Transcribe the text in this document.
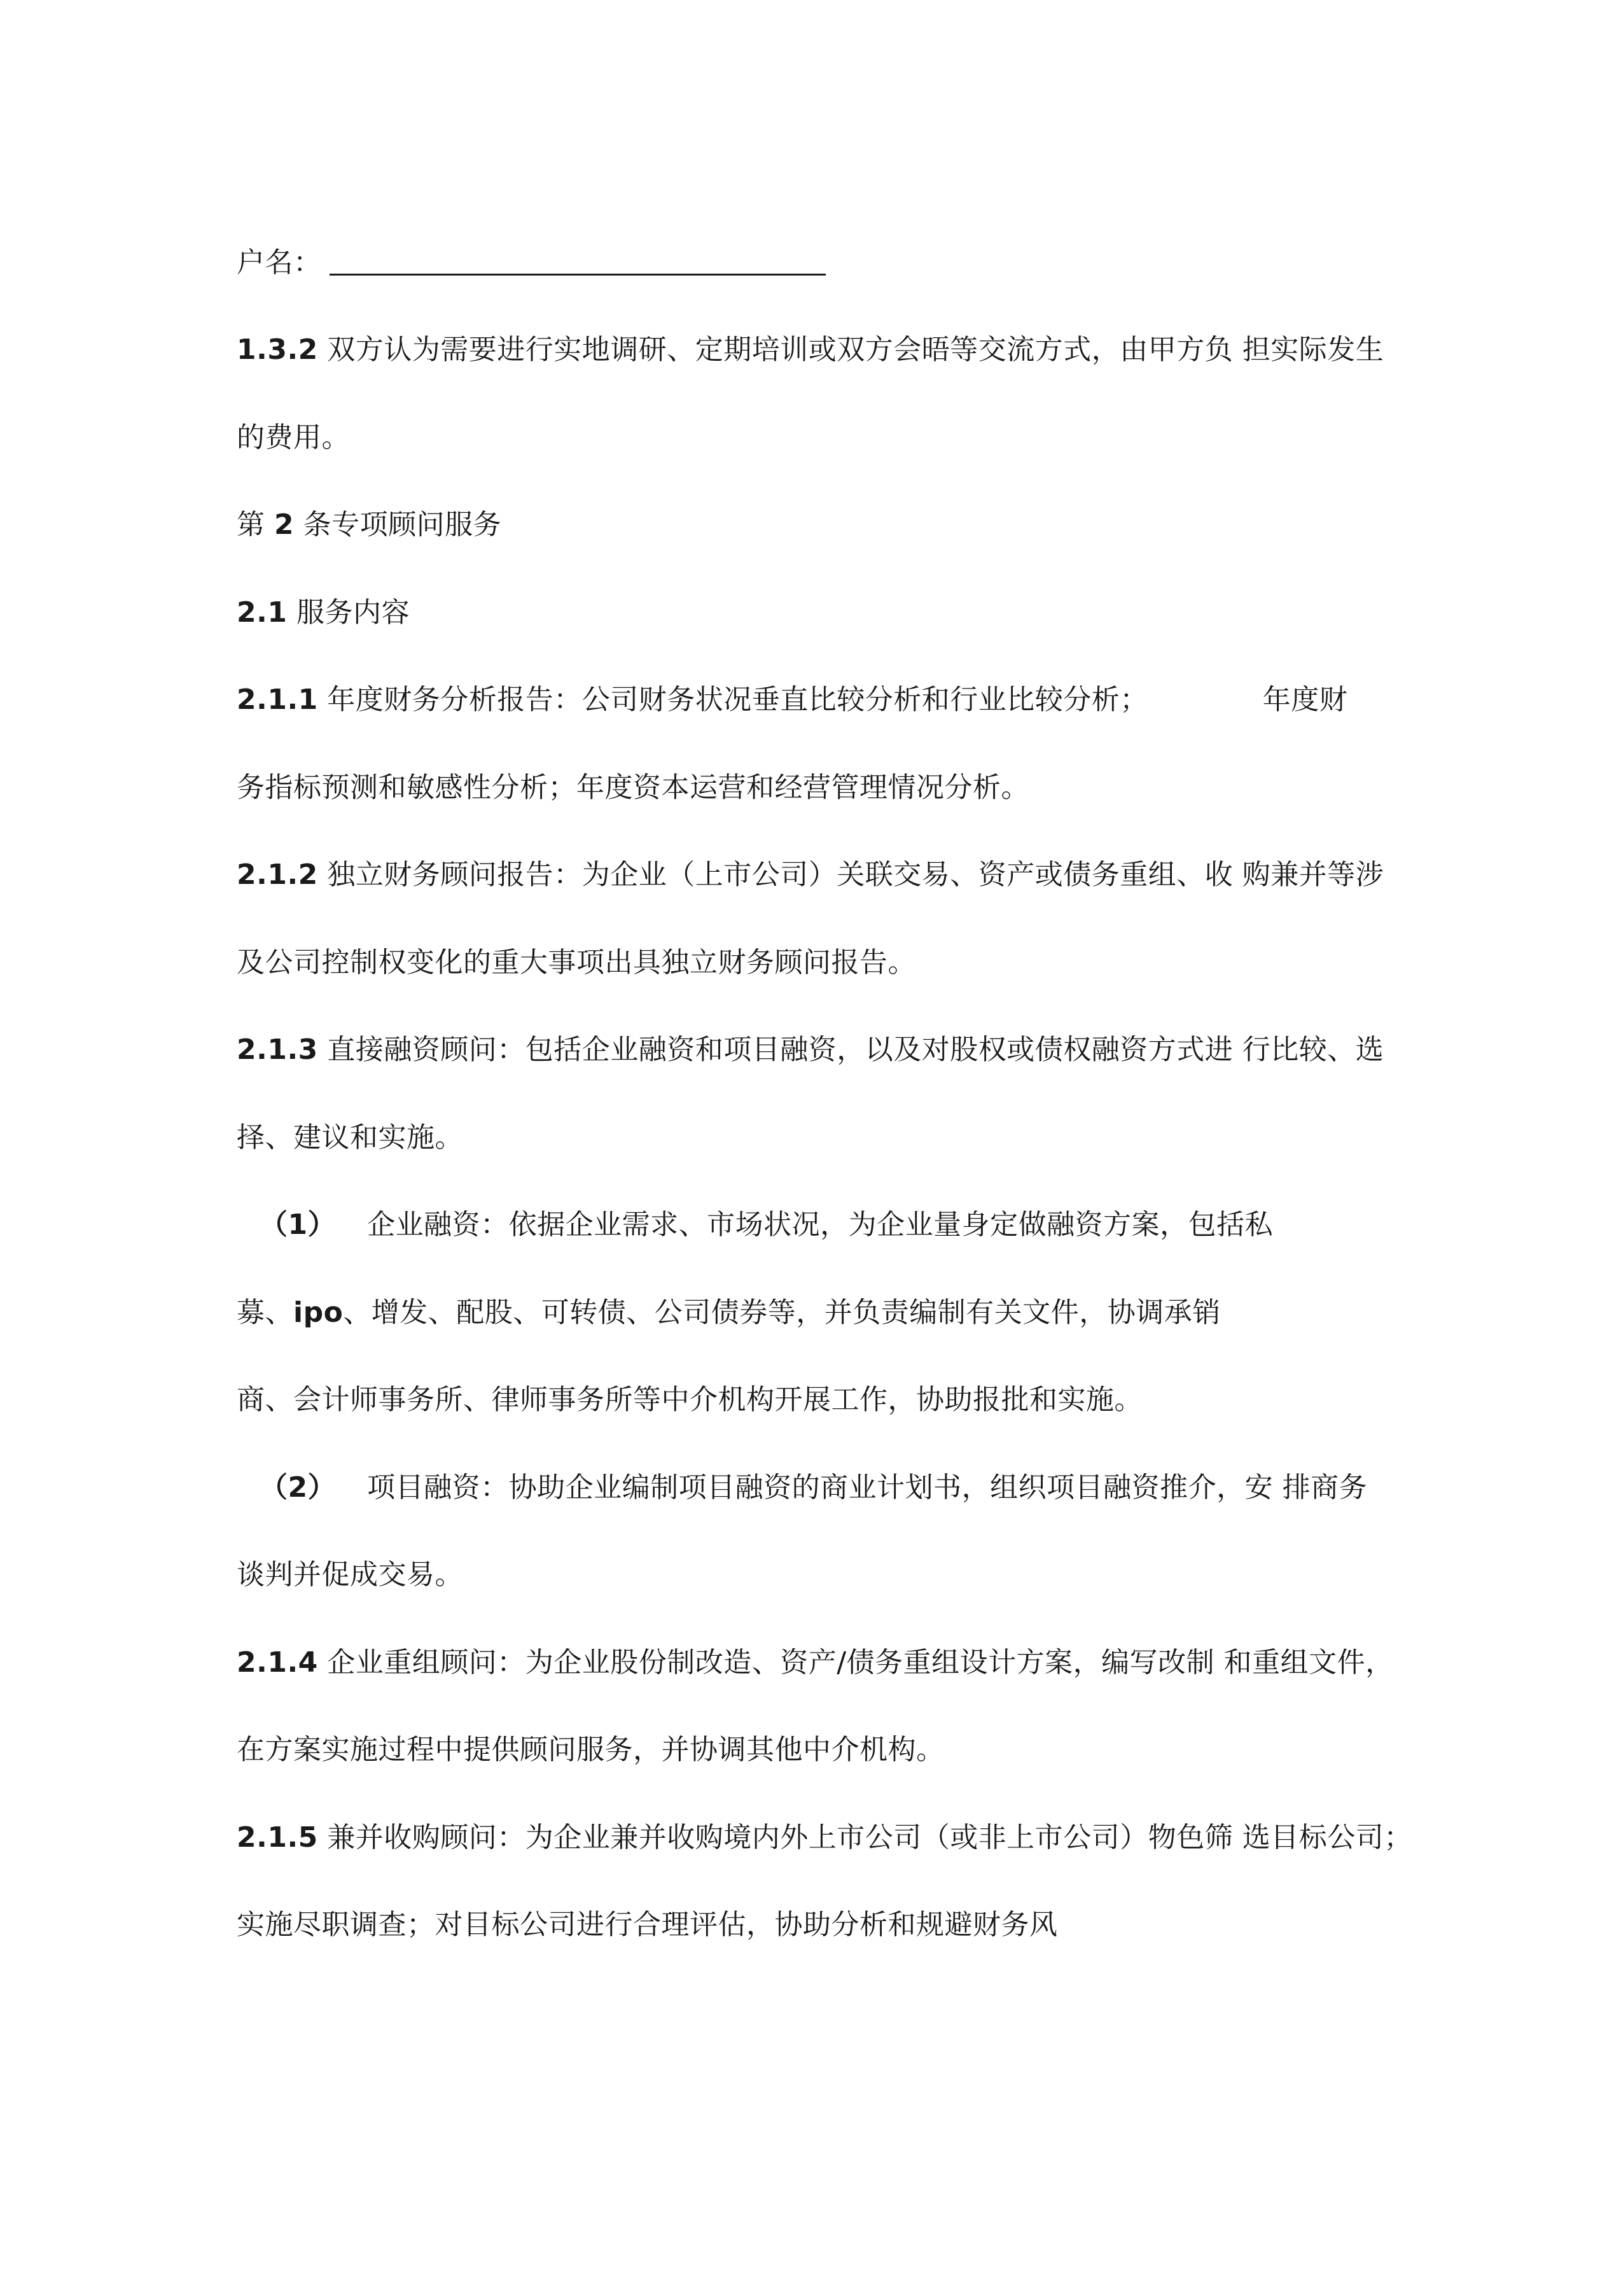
户名：
1.3.2 双方认为需要进行实地调研、定期培训或双方会晤等交流方式，由甲方负 担实际发生
的费用。
第 2 条专项顾问服务
2.1 服务内容
2.1.1 年度财务分析报告：公司财务状况垂直比较分析和行业比较分析；	年度财
务指标预测和敏感性分析；年度资本运营和经营管理情况分析。
2.1.2 独立财务顾问报告：为企业（上市公司）关联交易、资产或债务重组、收 购兼并等涉
及公司控制权变化的重大事项出具独立财务顾问报告。
2.1.3 直接融资顾问：包括企业融资和项目融资，以及对股权或债权融资方式进 行比较、选
择、建议和实施。
（1） 企业融资：依据企业需求、市场状况，为企业量身定做融资方案，包括私
募、ipo、增发、配股、可转债、公司债券等，并负责编制有关文件，协调承销
商、会计师事务所、律师事务所等中介机构开展工作，协助报批和实施。
（2） 项目融资：协助企业编制项目融资的商业计划书，组织项目融资推介，安 排商务
谈判并促成交易。
2.1.4 企业重组顾问：为企业股份制改造、资产/债务重组设计方案，编写改制 和重组文件，
在方案实施过程中提供顾问服务，并协调其他中介机构。
2.1.5 兼并收购顾问：为企业兼并收购境内外上市公司（或非上市公司）物色筛 选目标公司；
实施尽职调查；对目标公司进行合理评估，协助分析和规避财务风
